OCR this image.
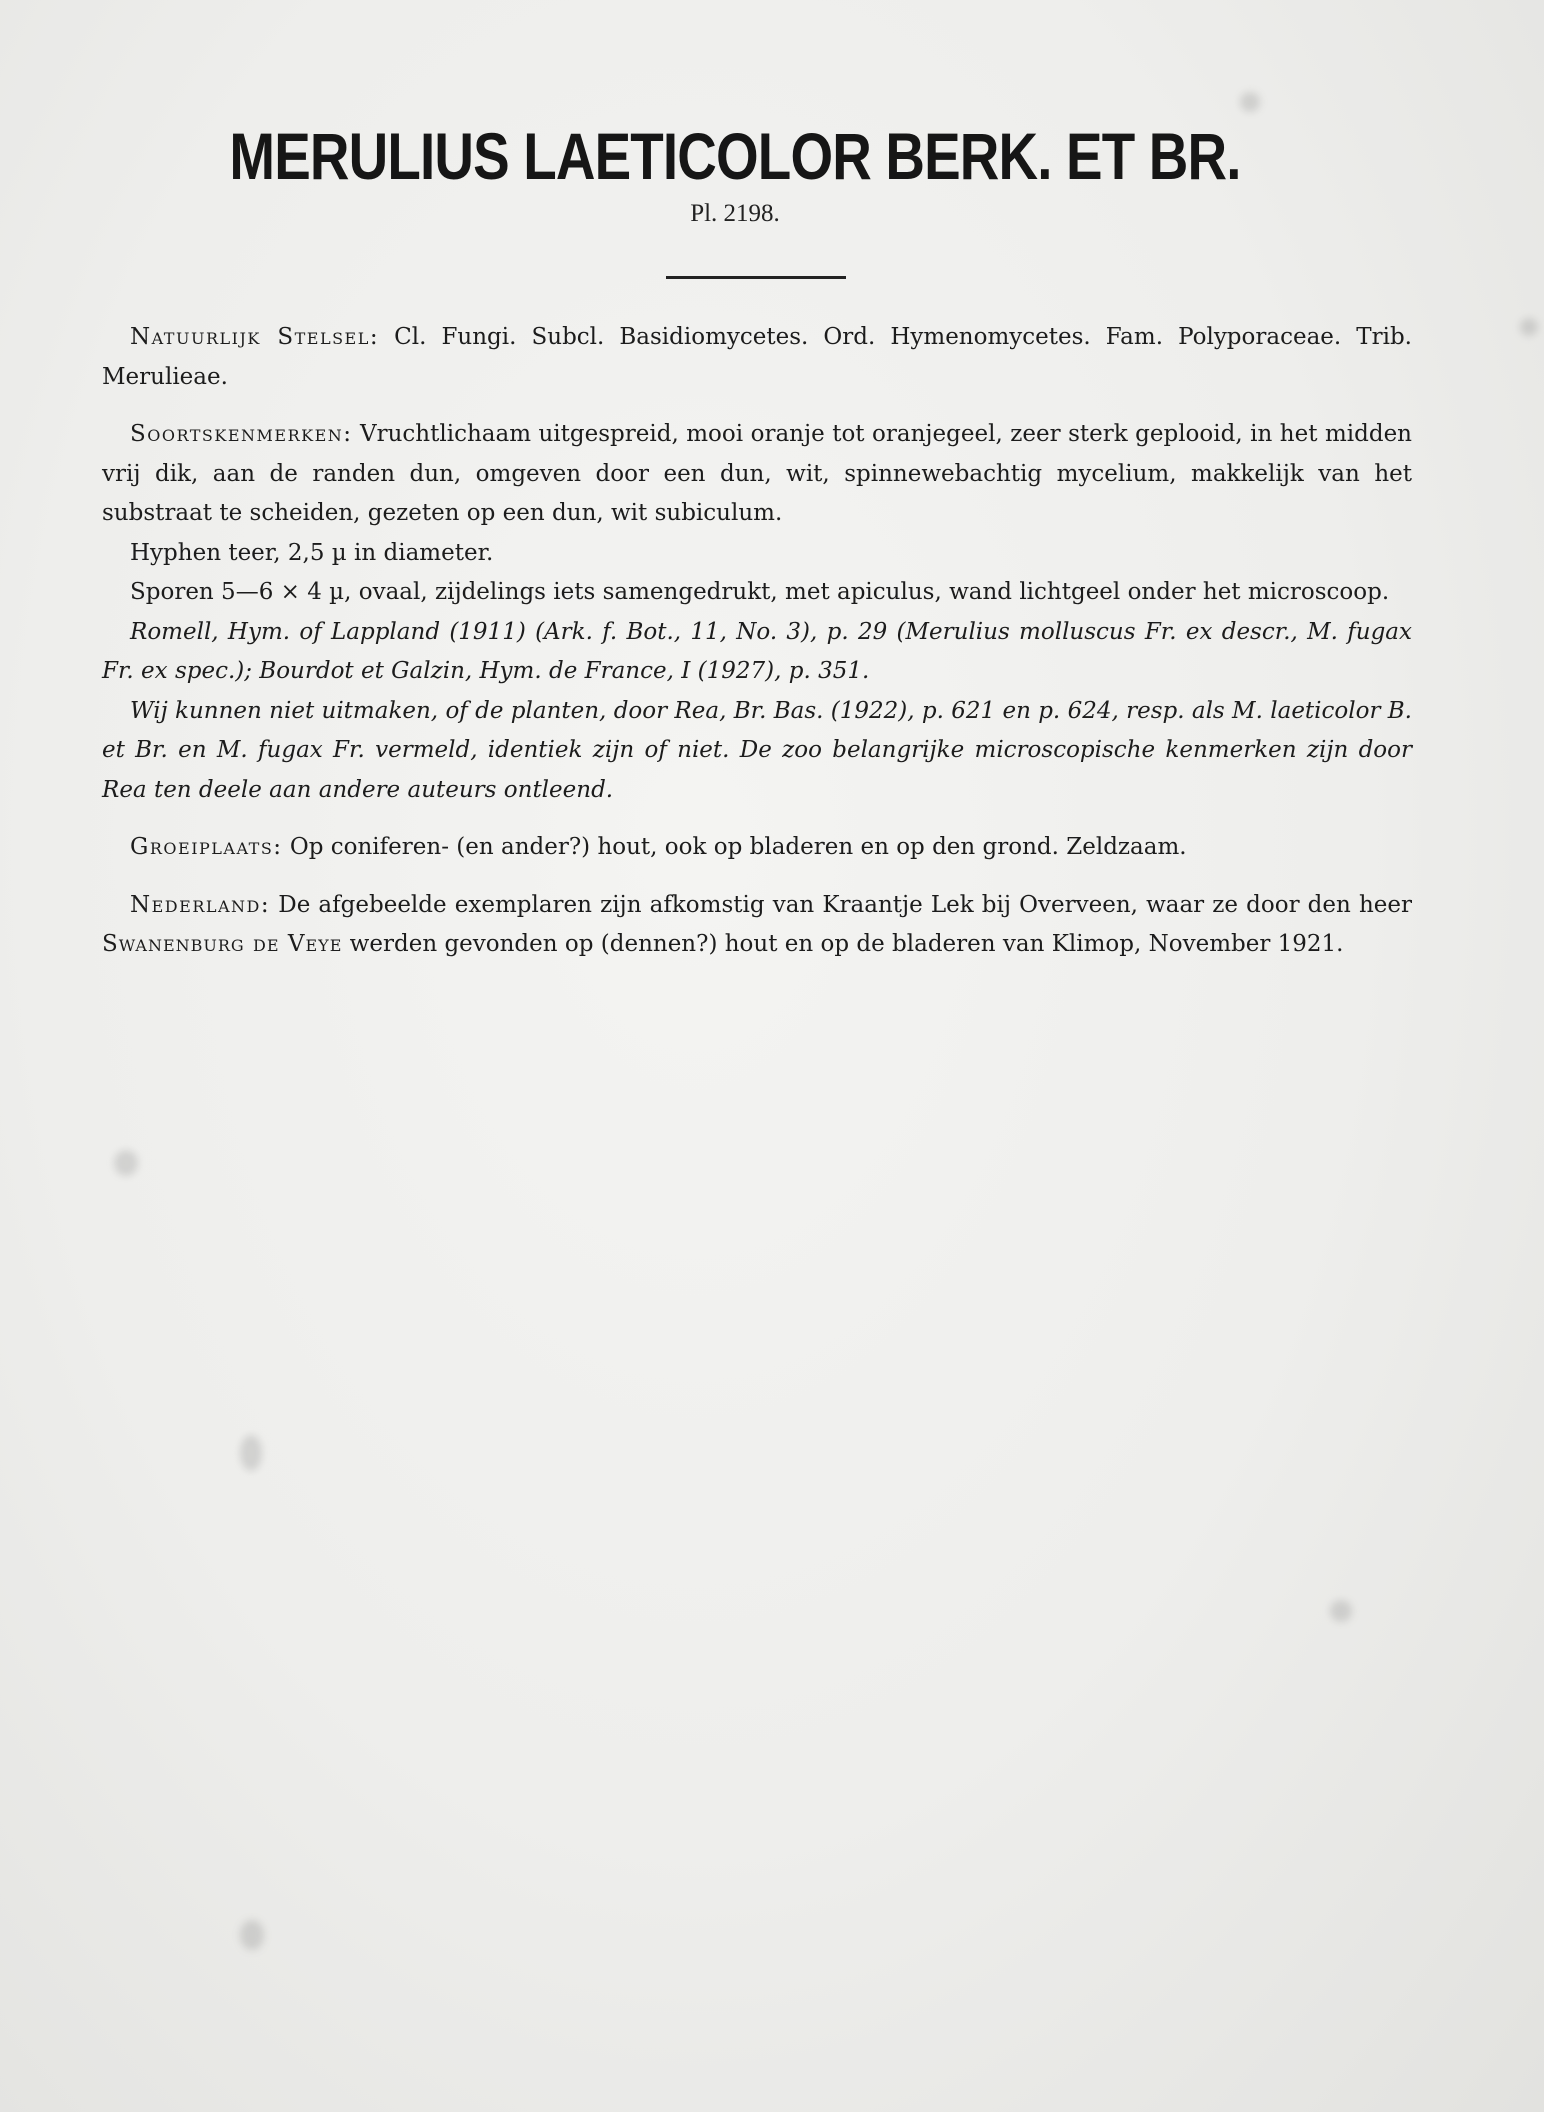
MERULIUS LAETICOLOR BERK. ET BR.
Pl. 2198.

Natuurlijk Stelsel: Cl. Fungi. Subcl. Basidiomycetes. Ord. Hymenomycetes. Fam. Polyporaceae. Trib. Merulieae.

Soortskenmerken: Vruchtlichaam uitgespreid, mooi oranje tot oranjegeel, zeer sterk geplooid, in het midden vrij dik, aan de randen dun, omgeven door een dun, wit, spinnewebachtig mycelium, makkelijk van het substraat te scheiden, gezeten op een dun, wit subiculum.

Hyphen teer, 2,5 µ in diameter.

Sporen 5—6 × 4 µ, ovaal, zijdelings iets samengedrukt, met apiculus, wand lichtgeel onder het microscoop.

Romell, Hym. of Lappland (1911) (Ark. f. Bot., 11, No. 3), p. 29 (Merulius molluscus Fr. ex descr., M. fugax Fr. ex spec.); Bourdot et Galzin, Hym. de France, I (1927), p. 351.

Wij kunnen niet uitmaken, of de planten, door Rea, Br. Bas. (1922), p. 621 en p. 624, resp. als M. laeticolor B. et Br. en M. fugax Fr. vermeld, identiek zijn of niet. De zoo belangrijke microscopische kenmerken zijn door Rea ten deele aan andere auteurs ontleend.

Groeiplaats: Op coniferen- (en ander?) hout, ook op bladeren en op den grond. Zeldzaam.

Nederland: De afgebeelde exemplaren zijn afkomstig van Kraantje Lek bij Overveen, waar ze door den heer Swanenburg de Veye werden gevonden op (dennen?) hout en op de bladeren van Klimop, November 1921.
